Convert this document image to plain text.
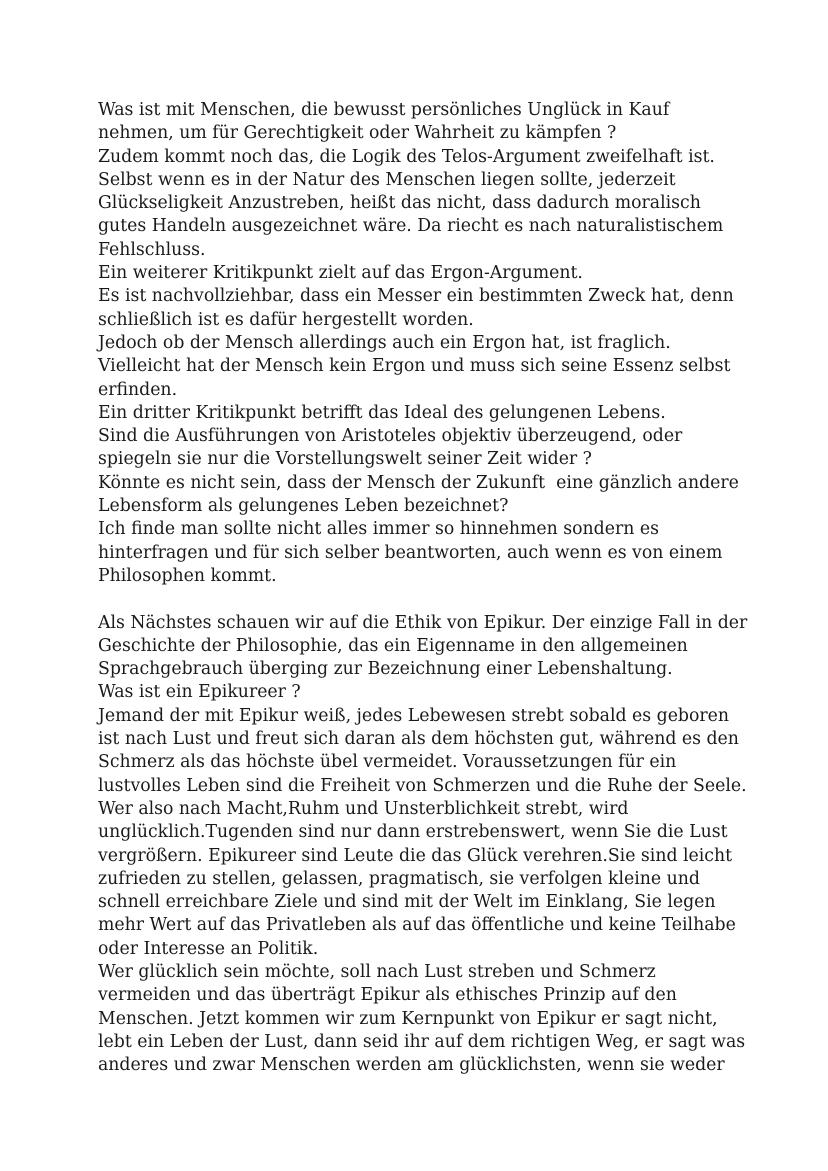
Was ist mit Menschen, die bewusst persönliches Unglück in Kauf
nehmen, um für Gerechtigkeit oder Wahrheit zu kämpfen ?
Zudem kommt noch das, die Logik des Telos-Argument zweifelhaft ist.
Selbst wenn es in der Natur des Menschen liegen sollte, jederzeit
Glückseligkeit Anzustreben, heißt das nicht, dass dadurch moralisch
gutes Handeln ausgezeichnet wäre. Da riecht es nach naturalistischem
Fehlschluss.
Ein weiterer Kritikpunkt zielt auf das Ergon-Argument.
Es ist nachvollziehbar, dass ein Messer ein bestimmten Zweck hat, denn
schließlich ist es dafür hergestellt worden.
Jedoch ob der Mensch allerdings auch ein Ergon hat, ist fraglich.
Vielleicht hat der Mensch kein Ergon und muss sich seine Essenz selbst
erfinden.
Ein dritter Kritikpunkt betrifft das Ideal des gelungenen Lebens.
Sind die Ausführungen von Aristoteles objektiv überzeugend, oder
spiegeln sie nur die Vorstellungswelt seiner Zeit wider ?
Könnte es nicht sein, dass der Mensch der Zukunft  eine gänzlich andere
Lebensform als gelungenes Leben bezeichnet?
Ich finde man sollte nicht alles immer so hinnehmen sondern es
hinterfragen und für sich selber beantworten, auch wenn es von einem
Philosophen kommt.
Als Nächstes schauen wir auf die Ethik von Epikur. Der einzige Fall in der
Geschichte der Philosophie, das ein Eigenname in den allgemeinen
Sprachgebrauch überging zur Bezeichnung einer Lebenshaltung.
Was ist ein Epikureer ?
Jemand der mit Epikur weiß, jedes Lebewesen strebt sobald es geboren
ist nach Lust und freut sich daran als dem höchsten gut, während es den
Schmerz als das höchste übel vermeidet. Voraussetzungen für ein
lustvolles Leben sind die Freiheit von Schmerzen und die Ruhe der Seele.
Wer also nach Macht,Ruhm und Unsterblichkeit strebt, wird
unglücklich.Tugenden sind nur dann erstrebenswert, wenn Sie die Lust
vergrößern. Epikureer sind Leute die das Glück verehren.Sie sind leicht
zufrieden zu stellen, gelassen, pragmatisch, sie verfolgen kleine und
schnell erreichbare Ziele und sind mit der Welt im Einklang, Sie legen
mehr Wert auf das Privatleben als auf das öffentliche und keine Teilhabe
oder Interesse an Politik.
Wer glücklich sein möchte, soll nach Lust streben und Schmerz
vermeiden und das überträgt Epikur als ethisches Prinzip auf den
Menschen. Jetzt kommen wir zum Kernpunkt von Epikur er sagt nicht,
lebt ein Leben der Lust, dann seid ihr auf dem richtigen Weg, er sagt was
anderes und zwar Menschen werden am glücklichsten, wenn sie weder
